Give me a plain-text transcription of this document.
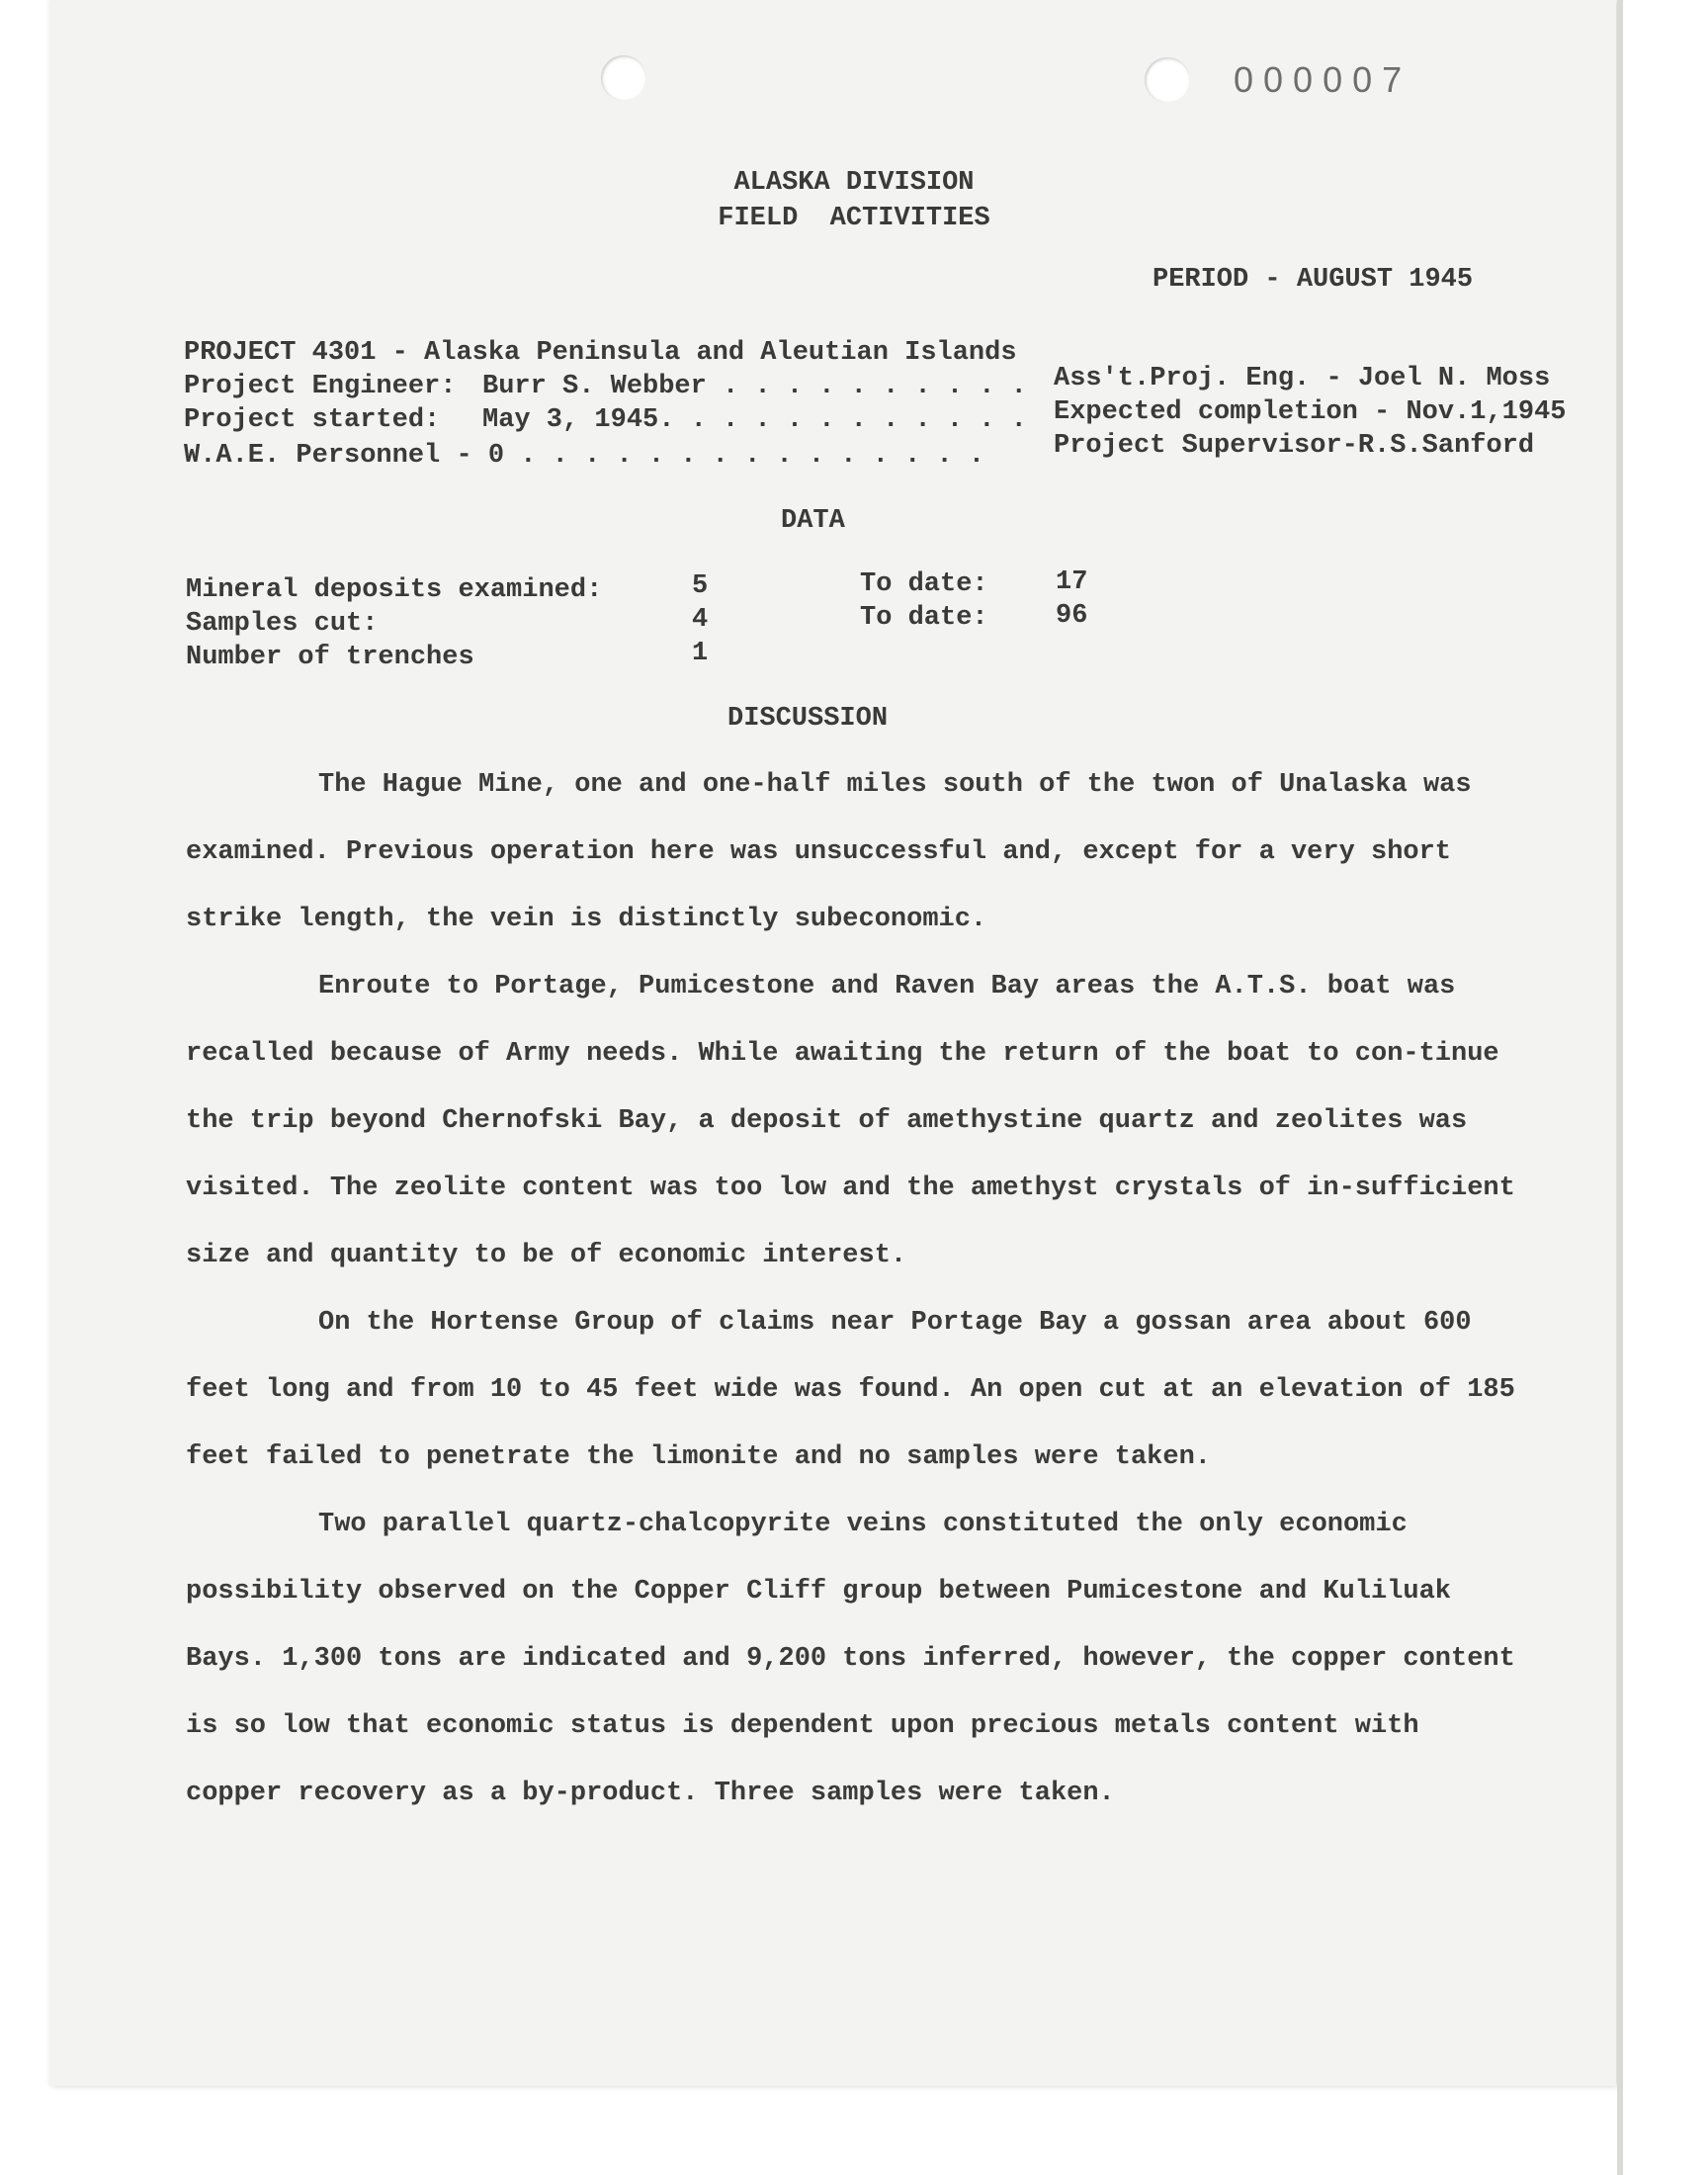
000007
ALASKA DIVISION
FIELD  ACTIVITIES
PERIOD - AUGUST 1945
PROJECT 4301 - Alaska Peninsula and Aleutian Islands
Project Engineer: Burr S. Webber . . . . . . . . . . Ass't.Proj. Eng. - Joel N. Moss
Project started: May 3, 1945. . . . . . . . . . . . Expected completion - Nov.1,1945
W.A.E. Personnel - 0 . . . . . . . . . . . . . . .	Project Supervisor-R.S.Sanford
DATA
Mineral deposits examined:	5	To date:	17
Samples cut:	4	To date:	96
Number of trenches	1
DISCUSSION

The Hague Mine, one and one-half miles south of the twon of Unalaska was examined. Previous operation here was unsuccessful and, except for a very short strike length, the vein is distinctly subeconomic.

Enroute to Portage, Pumicestone and Raven Bay areas the A.T.S. boat was recalled because of Army needs. While awaiting the return of the boat to con-tinue the trip beyond Chernofski Bay, a deposit of amethystine quartz and zeolites was visited. The zeolite content was too low and the amethyst crystals of in-sufficient size and quantity to be of economic interest.

On the Hortense Group of claims near Portage Bay a gossan area about 600 feet long and from 10 to 45 feet wide was found. An open cut at an elevation of 185 feet failed to penetrate the limonite and no samples were taken.

Two parallel quartz-chalcopyrite veins constituted the only economic possibility observed on the Copper Cliff group between Pumicestone and Kuliluak Bays. 1,300 tons are indicated and 9,200 tons inferred, however, the copper content is so low that economic status is dependent upon precious metals content with copper recovery as a by-product. Three samples were taken.
